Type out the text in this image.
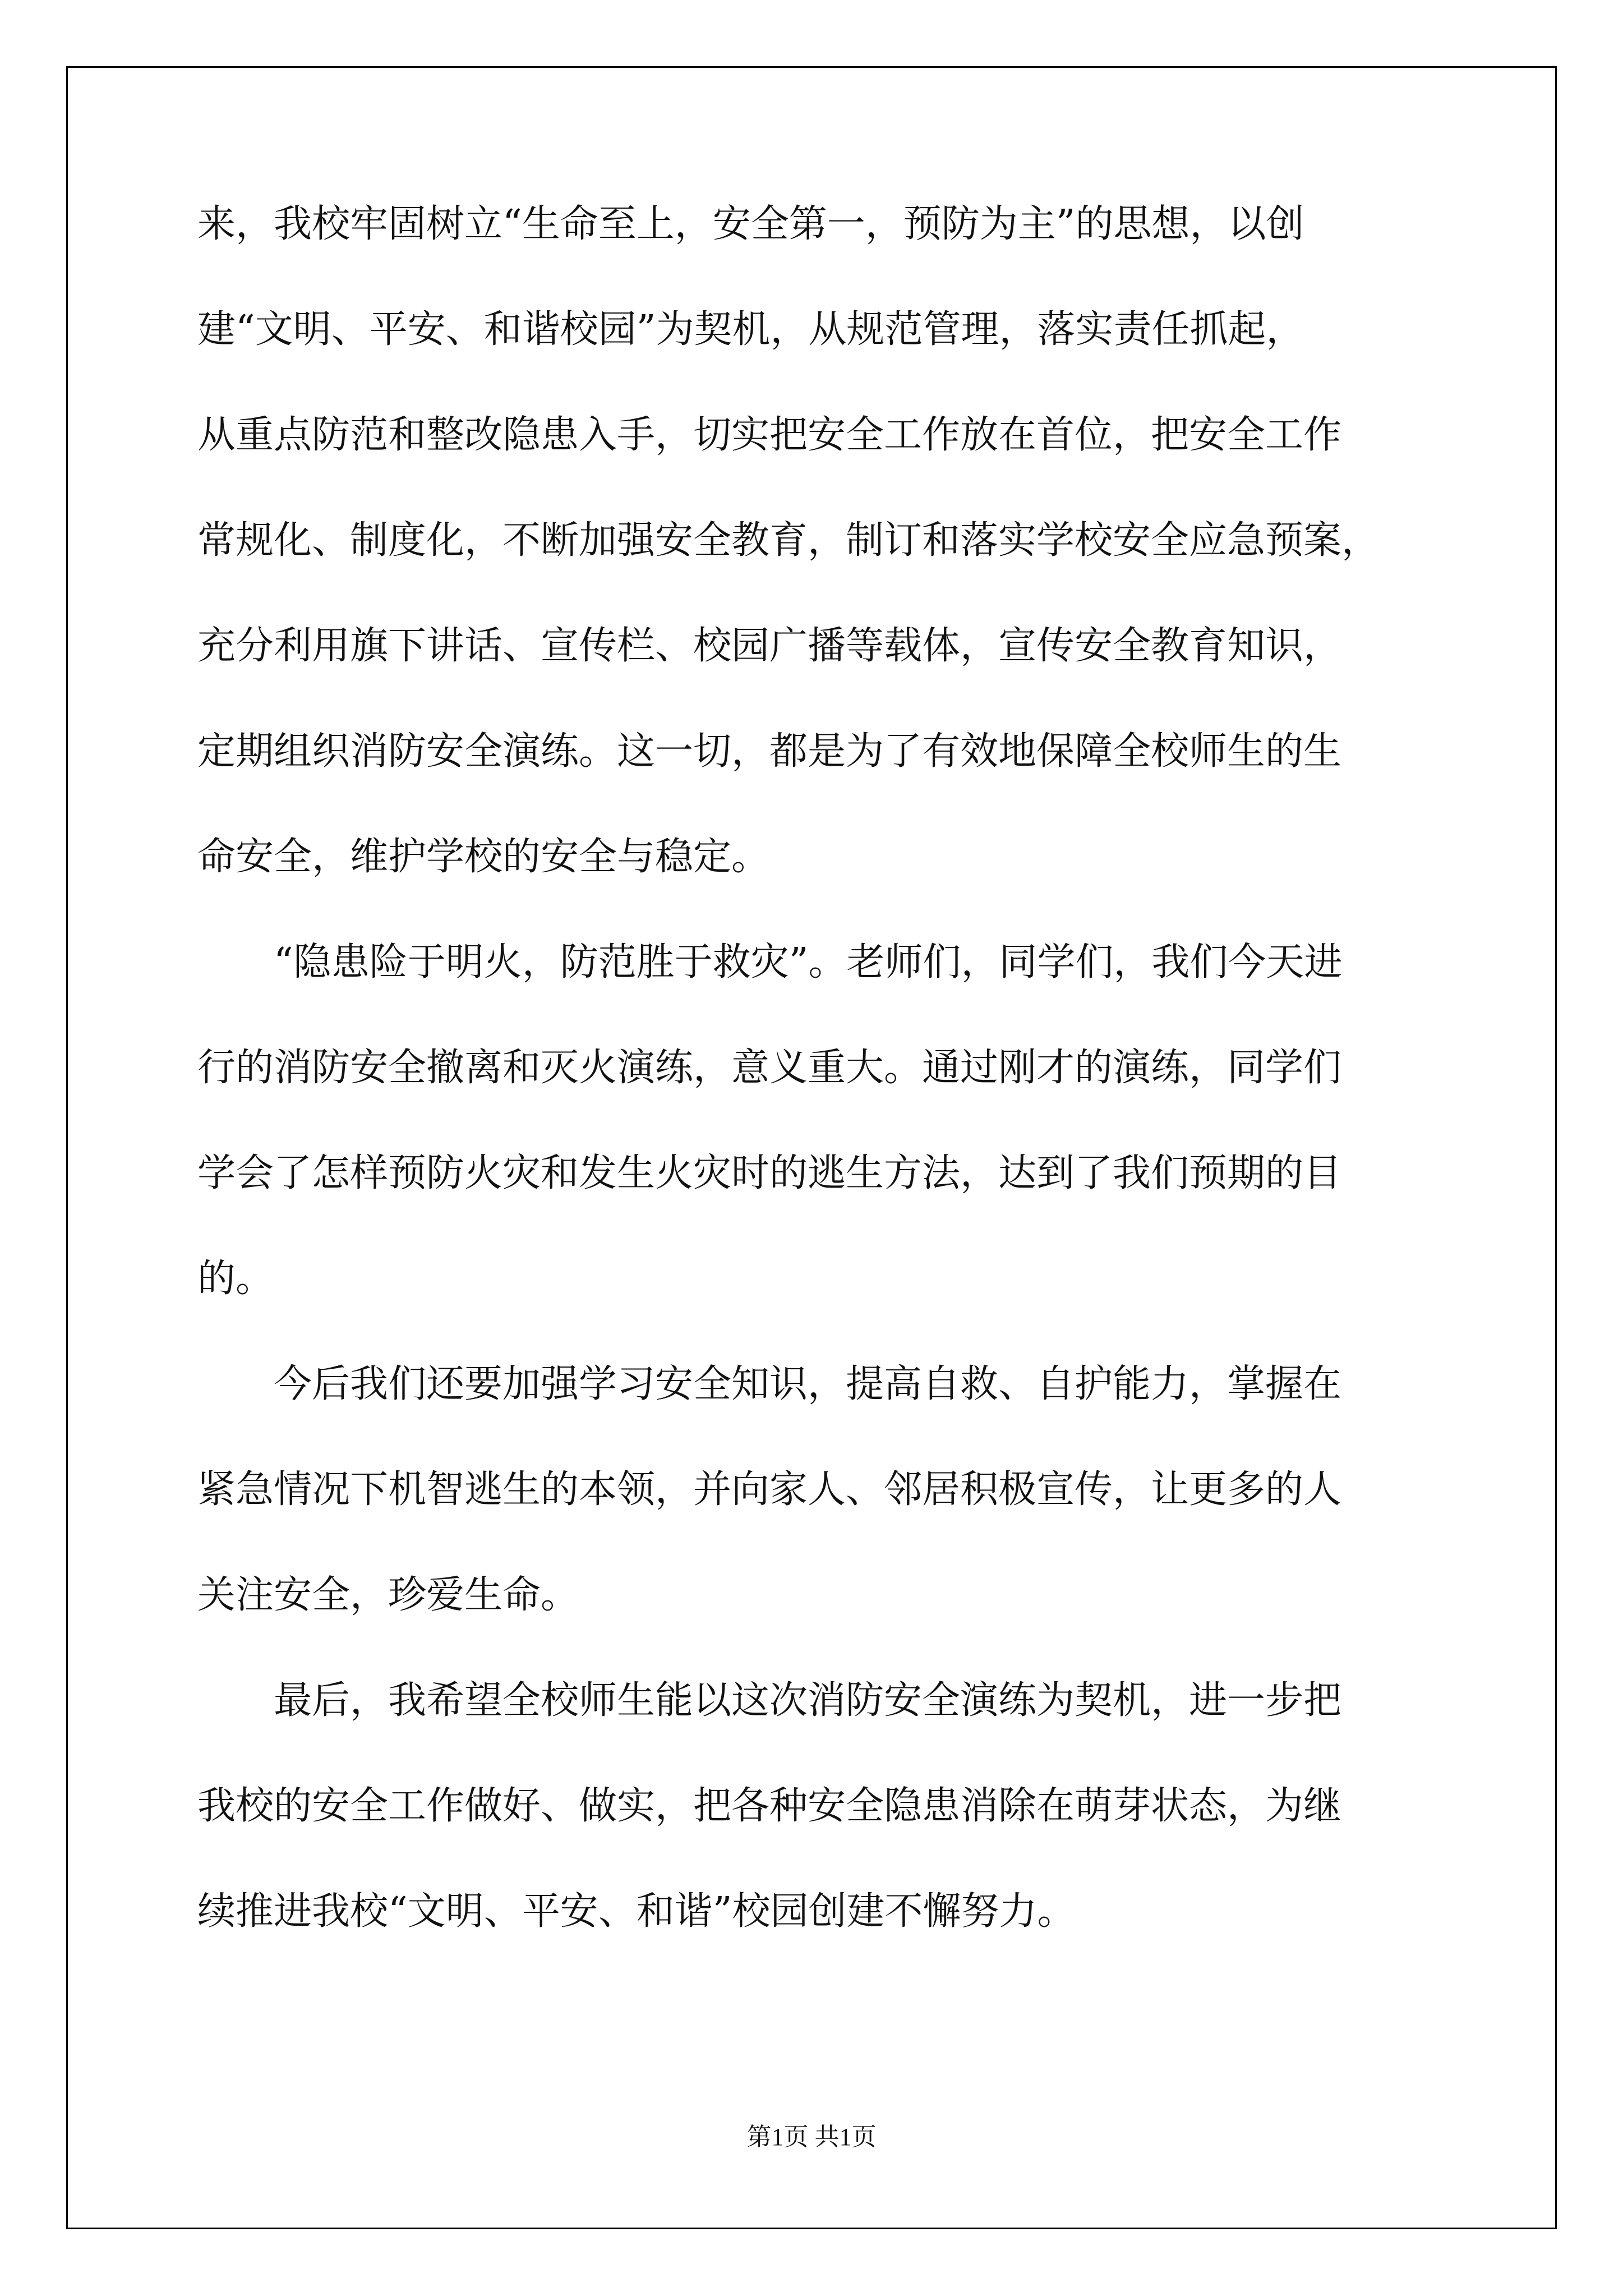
来，我校牢固树立“生命至上，安全第一，预防为主”的思想，以创
建“文明、平安、和谐校园”为契机，从规范管理，落实责任抓起，
从重点防范和整改隐患入手，切实把安全工作放在首位，把安全工作
常规化、制度化，不断加强安全教育，制订和落实学校安全应急预案，
充分利用旗下讲话、宣传栏、校园广播等载体，宣传安全教育知识，
定期组织消防安全演练。这一切，都是为了有效地保障全校师生的生
命安全，维护学校的安全与稳定。
“隐患险于明火，防范胜于救灾”。老师们，同学们，我们今天进
行的消防安全撤离和灭火演练，意义重大。通过刚才的演练，同学们
学会了怎样预防火灾和发生火灾时的逃生方法，达到了我们预期的目
的。
今后我们还要加强学习安全知识，提高自救、自护能力，掌握在
紧急情况下机智逃生的本领，并向家人、邻居积极宣传，让更多的人
关注安全，珍爱生命。
最后，我希望全校师生能以这次消防安全演练为契机，进一步把
我校的安全工作做好、做实，把各种安全隐患消除在萌芽状态，为继
续推进我校“文明、平安、和谐”校园创建不懈努力。
第1页 共1页
